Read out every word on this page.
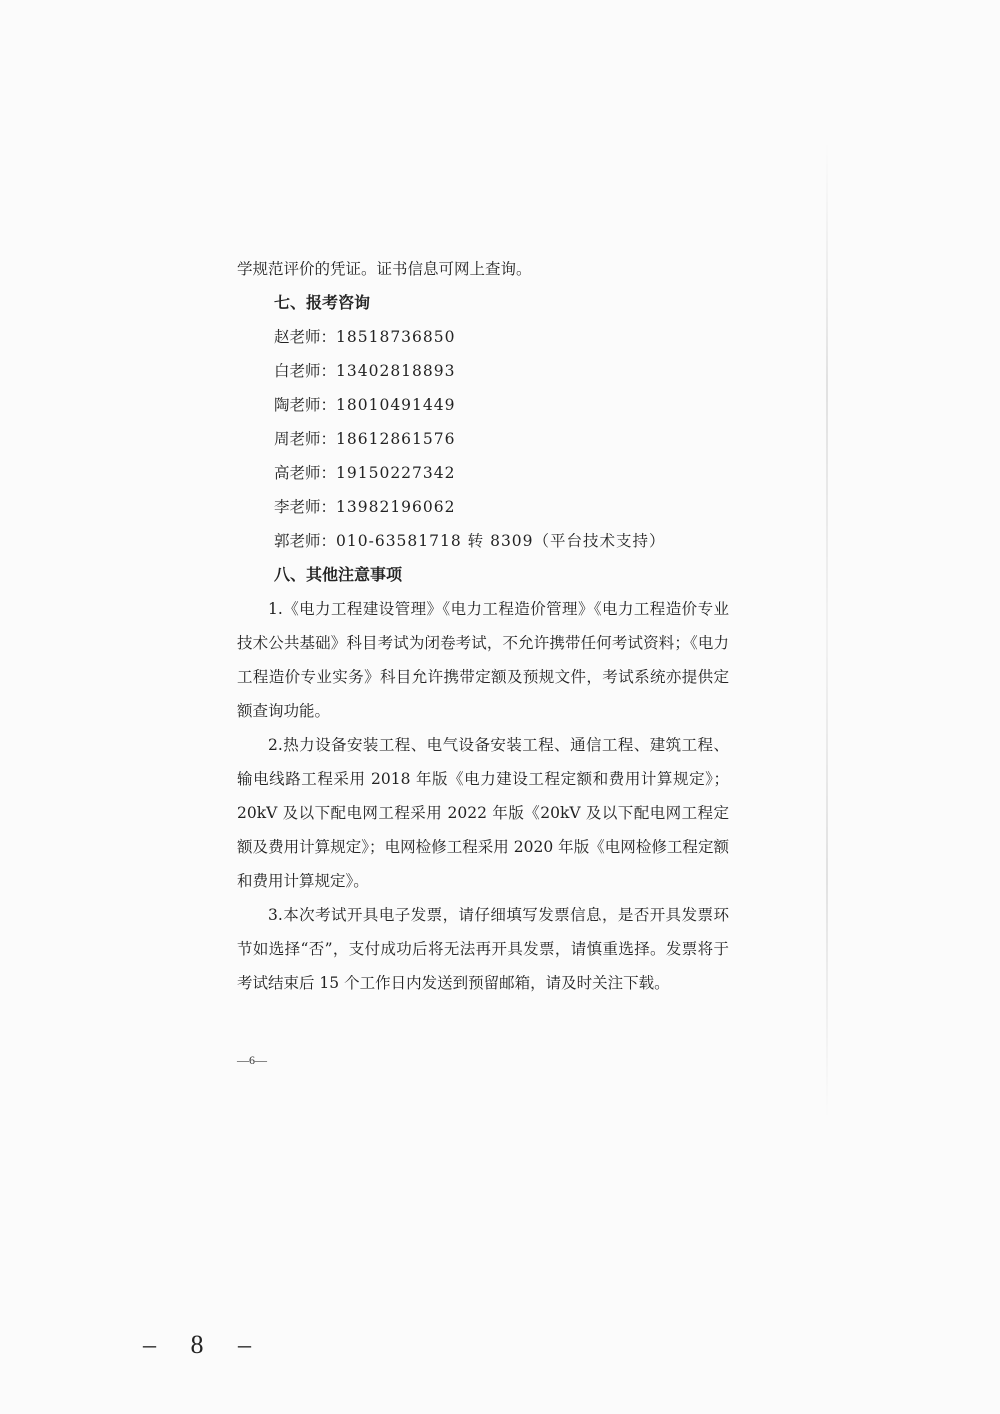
学规范评价的凭证。证书信息可网上查询。
七、报考咨询
赵老师：18518736850
白老师：13402818893
陶老师：18010491449
周老师：18612861576
高老师：19150227342
李老师：13982196062
郭老师：010-63581718 转 8309（平台技术支持）
八、其他注意事项

1.《电力工程建设管理》《电力工程造价管理》《电力工程造价专业技术公共基础》科目考试为闭卷考试，不允许携带任何考试资料；《电力工程造价专业实务》科目允许携带定额及预规文件，考试系统亦提供定额查询功能。

2.热力设备安装工程、电气设备安装工程、通信工程、建筑工程、输电线路工程采用 2018 年版《电力建设工程定额和费用计算规定》；20kV 及以下配电网工程采用 2022 年版《20kV 及以下配电网工程定额及费用计算规定》；电网检修工程采用 2020 年版《电网检修工程定额和费用计算规定》。

3.本次考试开具电子发票，请仔细填写发票信息，是否开具发票环节如选择“否”，支付成功后将无法再开具发票，请慎重选择。发票将于考试结束后 15 个工作日内发送到预留邮箱，请及时关注下载。

—6—
– 8 –
